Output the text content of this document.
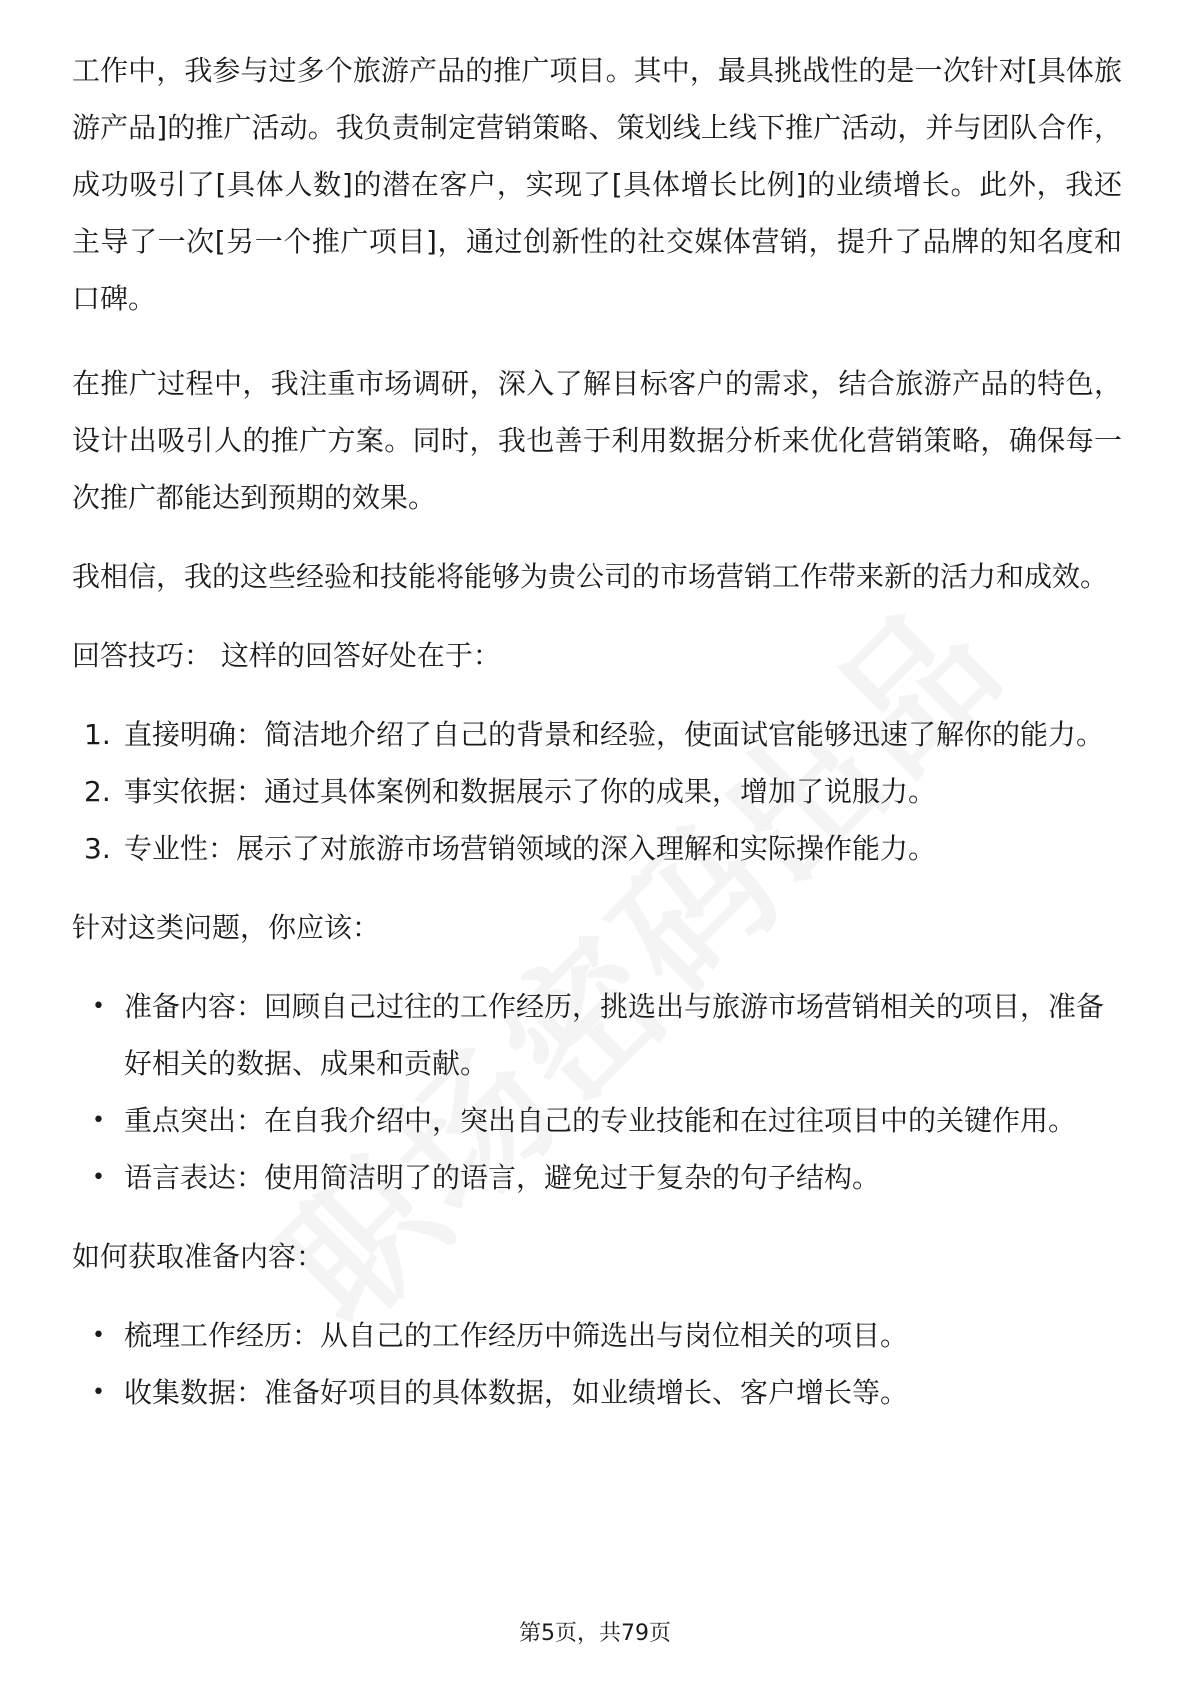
工作中，我参与过多个旅游产品的推广项目。其中，最具挑战性的是一次针对[具体旅游产品]的推广活动。我负责制定营销策略、策划线上线下推广活动，并与团队合作，成功吸引了[具体人数]的潜在客户，实现了[具体增长比例]的业绩增长。此外，我还主导了一次[另一个推广项目]，通过创新性的社交媒体营销，提升了品牌的知名度和口碑。

在推广过程中，我注重市场调研，深入了解目标客户的需求，结合旅游产品的特色，设计出吸引人的推广方案。同时，我也善于利用数据分析来优化营销策略，确保每一次推广都能达到预期的效果。

我相信，我的这些经验和技能将能够为贵公司的市场营销工作带来新的活力和成效。

回答技巧： 这样的回答好处在于：

1. 直接明确：简洁地介绍了自己的背景和经验，使面试官能够迅速了解你的能力。
2. 事实依据：通过具体案例和数据展示了你的成果，增加了说服力。
3. 专业性：展示了对旅游市场营销领域的深入理解和实际操作能力。

针对这类问题，你应该：

• 准备内容：回顾自己过往的工作经历，挑选出与旅游市场营销相关的项目，准备好相关的数据、成果和贡献。
• 重点突出：在自我介绍中，突出自己的专业技能和在过往项目中的关键作用。
• 语言表达：使用简洁明了的语言，避免过于复杂的句子结构。

如何获取准备内容：

• 梳理工作经历：从自己的工作经历中筛选出与岗位相关的项目。
• 收集数据：准备好项目的具体数据，如业绩增长、客户增长等。
第5页，共79页
